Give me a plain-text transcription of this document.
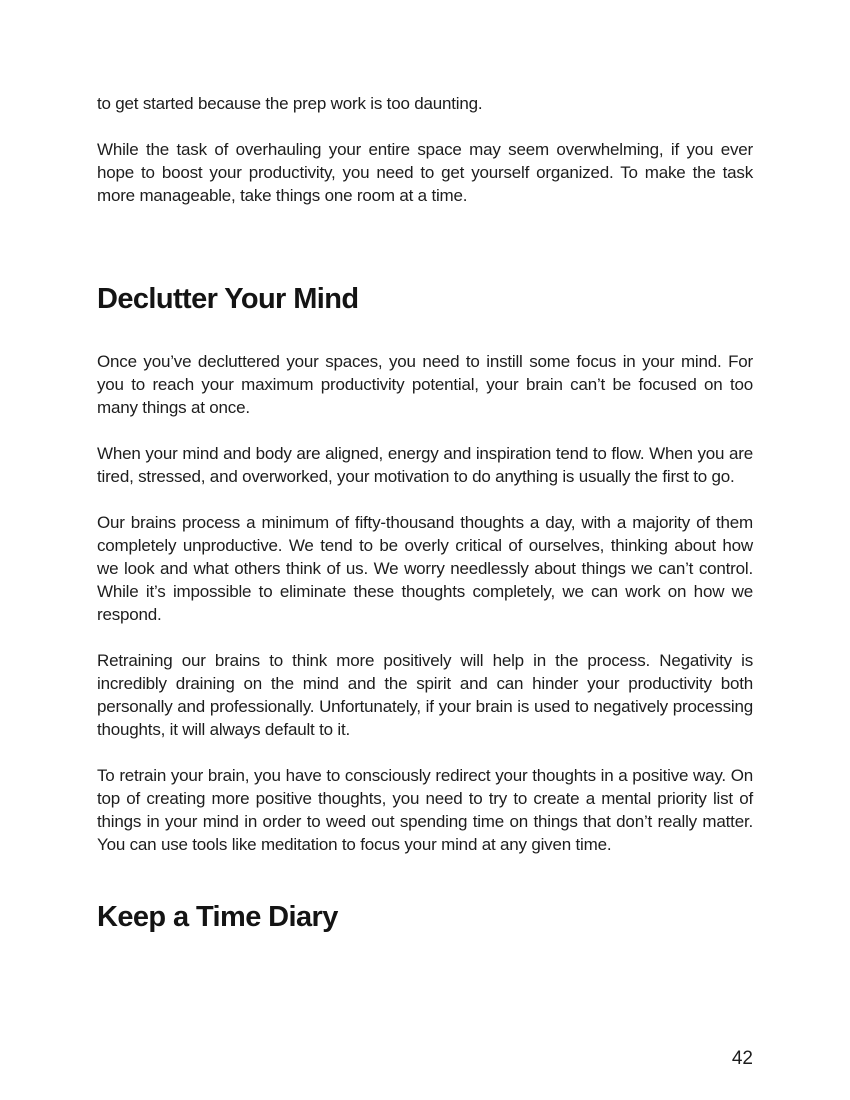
to get started because the prep work is too daunting.

While the task of overhauling your entire space may seem overwhelming, if you ever hope to boost your productivity, you need to get yourself organized. To make the task more manageable, take things one room at a time.

Declutter Your Mind

Once you’ve decluttered your spaces, you need to instill some focus in your mind. For you to reach your maximum productivity potential, your brain can’t be focused on too many things at once.

When your mind and body are aligned, energy and inspiration tend to flow. When you are tired, stressed, and overworked, your motivation to do anything is usually the first to go.

Our brains process a minimum of fifty-thousand thoughts a day, with a majority of them completely unproductive. We tend to be overly critical of ourselves, thinking about how we look and what others think of us. We worry needlessly about things we can’t control. While it’s impossible to eliminate these thoughts completely, we can work on how we respond.

Retraining our brains to think more positively will help in the process. Negativity is incredibly draining on the mind and the spirit and can hinder your productivity both personally and professionally. Unfortunately, if your brain is used to negatively processing thoughts, it will always default to it.

To retrain your brain, you have to consciously redirect your thoughts in a positive way. On top of creating more positive thoughts, you need to try to create a mental priority list of things in your mind in order to weed out spending time on things that don’t really matter. You can use tools like meditation to focus your mind at any given time.

Keep a Time Diary
42
